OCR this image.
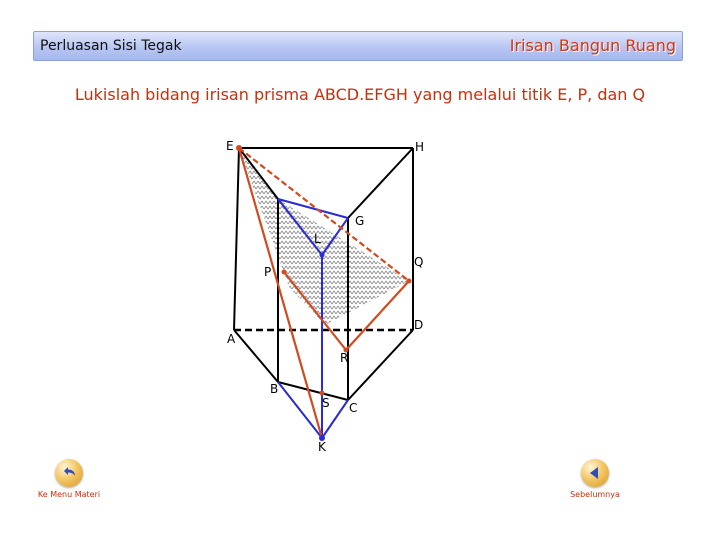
Perluasan Sisi Tegak	Irisan Bangun Ruang
Lukislah bidang irisan prisma ABCD.EFGH yang melalui titik E, P, dan Q
E	H
G
L
P
Q
A
D
R
B
S C
K
Ke Menu Materi	Sebelumnya
